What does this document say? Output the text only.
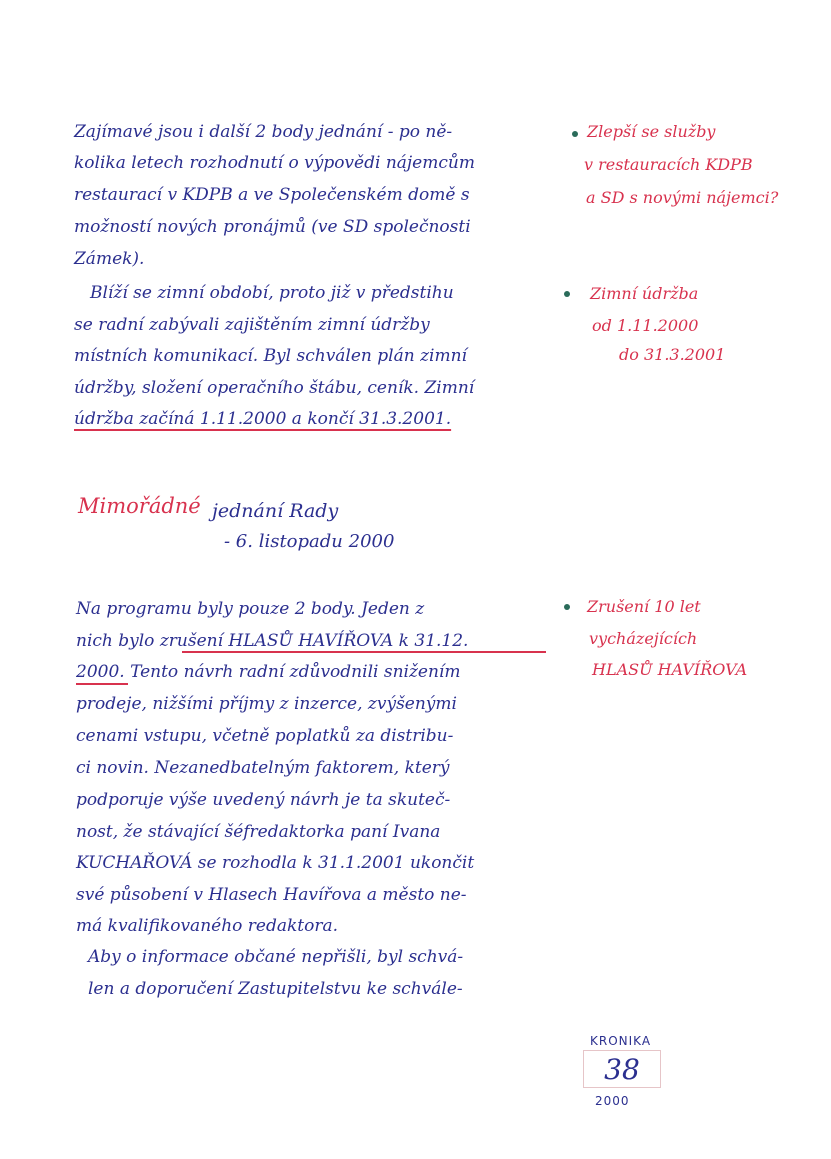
Zajímavé jsou i další 2 body jednání - po ně-
kolika letech rozhodnutí o výpovědi nájemcům
restaurací v KDPB a ve Společenském domě s
možností nových pronájmů (ve SD společnosti
Zámek).
Zlepší se služby
v restauracích KDPB
a SD s novými nájemci?
Blíží se zimní období, proto již v předstihu
se radní zabývali zajištěním zimní údržby
místních komunikací. Byl schválen plán zimní
údržby, složení operačního štábu, ceník. Zimní
údržba začíná 1.11.2000 a končí 31.3.2001.
Zimní údržba
od 1.11.2000
do 31.3.2001
Mimořádné jednání Rady
- 6. listopadu 2000
Na programu byly pouze 2 body. Jeden z
nich bylo zrušení HLASŮ HAVÍŘOVA k 31.12.
2000. Tento návrh radní zdůvodnili snižením
prodeje, nižšími příjmy z inzerce, zvýšenými
cenami vstupu, včetně poplatků za distribu-
ci novin. Nezanedbatelným faktorem, který
podporuje výše uvedený návrh je ta skuteč-
nost, že stávající šéfredaktorka paní Ivana
KUCHAŘOVÁ se rozhodla k 31.1.2001 ukončit
své působení v Hlasech Havířova a město ne-
má kvalifikovaného redaktora.
Aby o informace občané nepřišli, byl schvá-
len a doporučení Zastupitelstvu ke schvále-
Zrušení 10 let
vycházejících
HLASŮ HAVÍŘOVA
KRONIKA
38
2000
